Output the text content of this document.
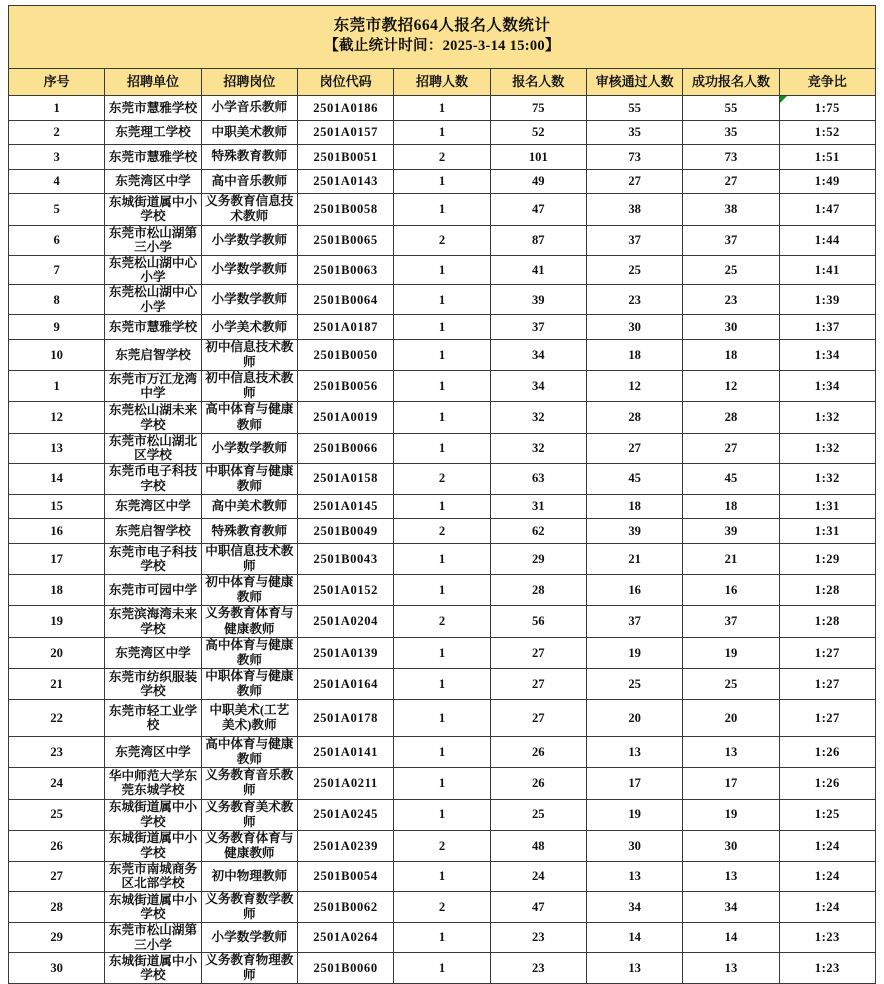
东莞市教招664人报名人数统计
【截止统计时间：2025-3-14 15:00】								

序号	招聘单位	招聘岗位	岗位代码	招聘人数	报名人数	审核通过人数	成功报名人数	竞争比
1	东莞市慧雅学校	小学音乐教师	2501A0186	1	75	55	55	1:75
2	东莞理工学校	中职美术教师	2501A0157	1	52	35	35	1:52
3	东莞市慧雅学校	特殊教育教师	2501B0051	2	101	73	73	1:51
4	东莞湾区中学	高中音乐教师	2501A0143	1	49	27	27	1:49
5	东城街道属中小学校	义务教育信息技术教师	2501B0058	1	47	38	38	1:47
6	东莞市松山湖第三小学	小学数学教师	2501B0065	2	87	37	37	1:44
7	东莞松山湖中心小学	小学数学教师	2501B0063	1	41	25	25	1:41
8	东莞松山湖中心小学	小学数学教师	2501B0064	1	39	23	23	1:39
9	东莞市慧雅学校	小学美术教师	2501A0187	1	37	30	30	1:37
10	东莞启智学校	初中信息技术教师	2501B0050	1	34	18	18	1:34
1	东莞市万江龙湾中学	初中信息技术教师	2501B0056	1	34	12	12	1:34
12	东莞松山湖未来学校	高中体育与健康教师	2501A0019	1	32	28	28	1:32
13	东莞市松山湖北区学校	小学数学教师	2501B0066	1	32	27	27	1:32
14	东莞币电子科技字校	中职体育与健康教师	2501A0158	2	63	45	45	1:32
15	东莞湾区中学	高中美术教师	2501A0145	1	31	18	18	1:31
16	东莞启智学校	特殊教育教师	2501B0049	2	62	39	39	1:31
17	东莞市电子科技学校	中职信息技术教师	2501B0043	1	29	21	21	1:29
18	东莞市可园中学	初中体育与健康教师	2501A0152	1	28	16	16	1:28
19	东莞滨海湾未来学校	义务教育体育与健康教师	2501A0204	2	56	37	37	1:28
20	东莞湾区中学	高中体育与健康教师	2501A0139	1	27	19	19	1:27
21	东莞市纺织服装学校	中职体育与健康教师	2501A0164	1	27	25	25	1:27
22	东莞市轻工业学校	中职美术(工艺美术)教师	2501A0178	1	27	20	20	1:27
23	东莞湾区中学	高中体育与健康教师	2501A0141	1	26	13	13	1:26
24	华中师范大学东莞东城学校	义务教育音乐教师	2501A0211	1	26	17	17	1:26
25	东城街道属中小学校	义务教育美术教师	2501A0245	1	25	19	19	1:25
26	东城街道属中小学校	义务教育体育与健康教师	2501A0239	2	48	30	30	1:24
27	东莞市南城商务区北部学校	初中物理教师	2501B0054	1	24	13	13	1:24
28	东城街道属中小学校	义务教育数学教师	2501B0062	2	47	34	34	1:24
29	东莞市松山湖第三小学	小学数学教师	2501A0264	1	23	14	14	1:23
30	东城街道属中小学校	义务教育物理教师	2501B0060	1	23	13	13	1:23
